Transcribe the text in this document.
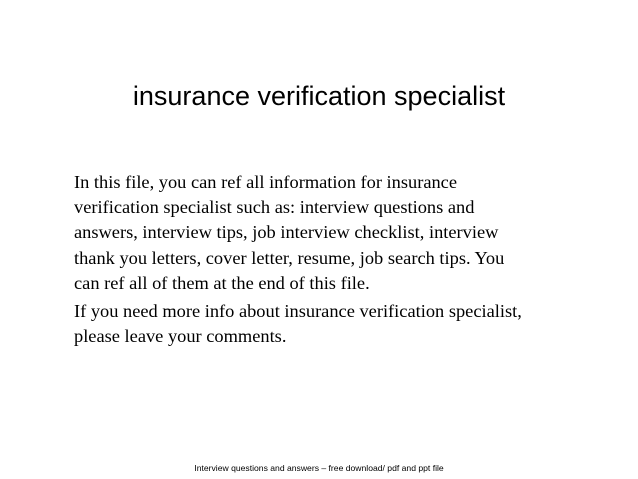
insurance verification specialist

In this file, you can ref all information for insurance
verification specialist such as: interview questions and
answers, interview tips, job interview checklist, interview
thank you letters, cover letter, resume, job search tips. You
can ref all of them at the end of this file.

If you need more info about insurance verification specialist,
please leave your comments.

Interview questions and answers – free download/ pdf and ppt file
